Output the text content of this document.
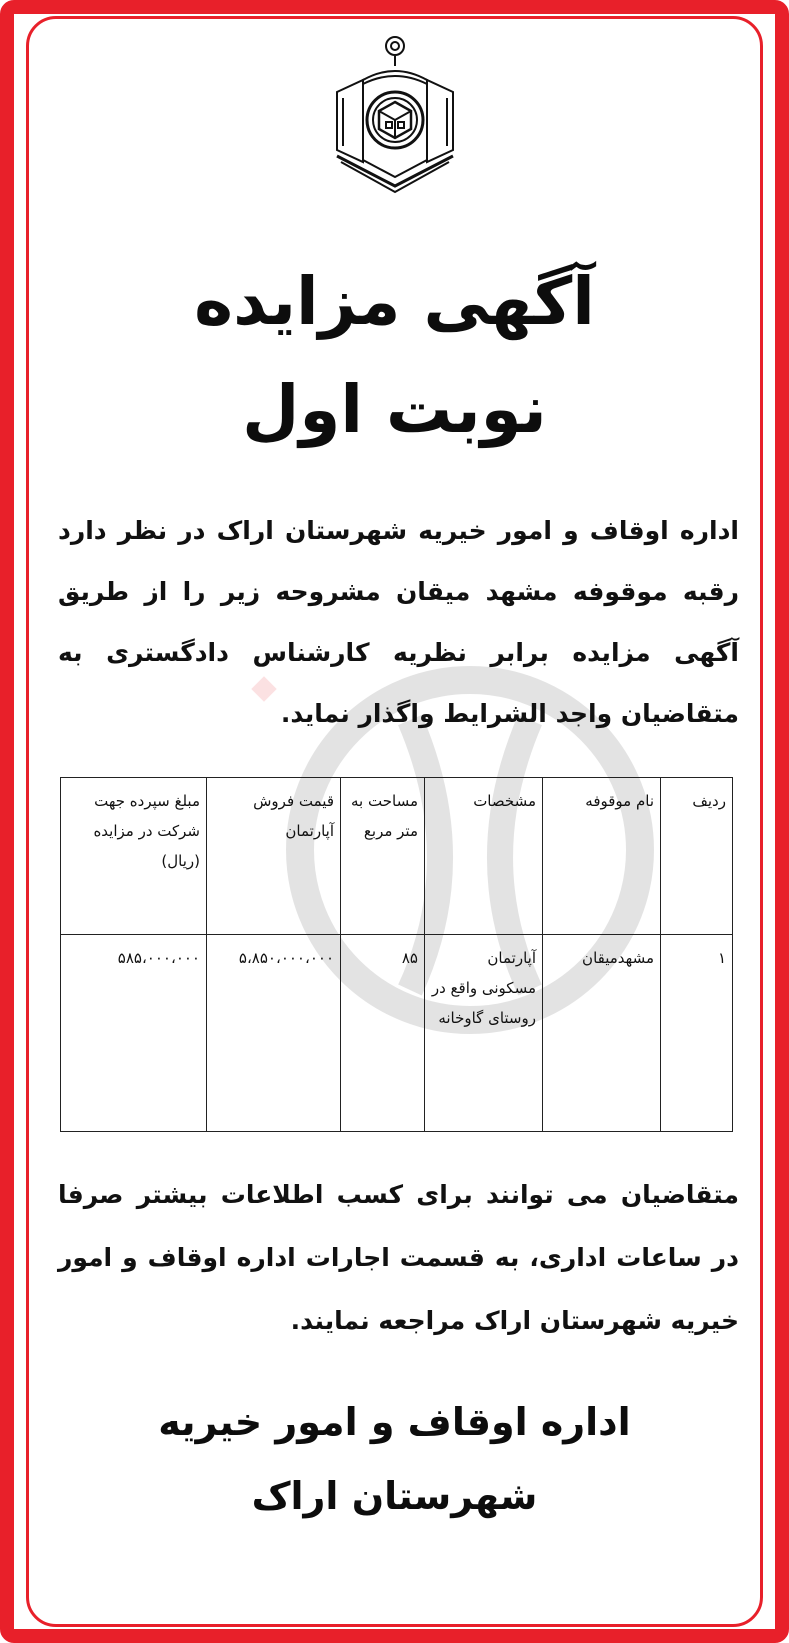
آگهی مزایده
نوبت اول
اداره اوقاف و امور خیریه شهرستان اراک در نظر دارد رقبه موقوفه مشهد میقان مشروحه زیر را از طریق آگهی مزایده برابر نظریه کارشناس دادگستری به متقاضیان واجد الشرایط واگذار نماید.
ردیف	نام موقوفه	مشخصات	مساحت به متر مربع	قیمت فروش آپارتمان	مبلغ سپرده جهت شرکت در مزایده (ریال)
۱	مشهدمیقان	آپارتمان مسکونی واقع در روستای گاوخانه	۸۵	۵،۸۵۰،۰۰۰،۰۰۰	۵۸۵،۰۰۰،۰۰۰
متقاضیان می توانند برای کسب اطلاعات بیشتر صرفا در ساعات اداری، به قسمت اجارات اداره اوقاف و امور خیریه شهرستان اراک مراجعه نمایند.
اداره اوقاف و امور خیریه
شهرستان اراک
